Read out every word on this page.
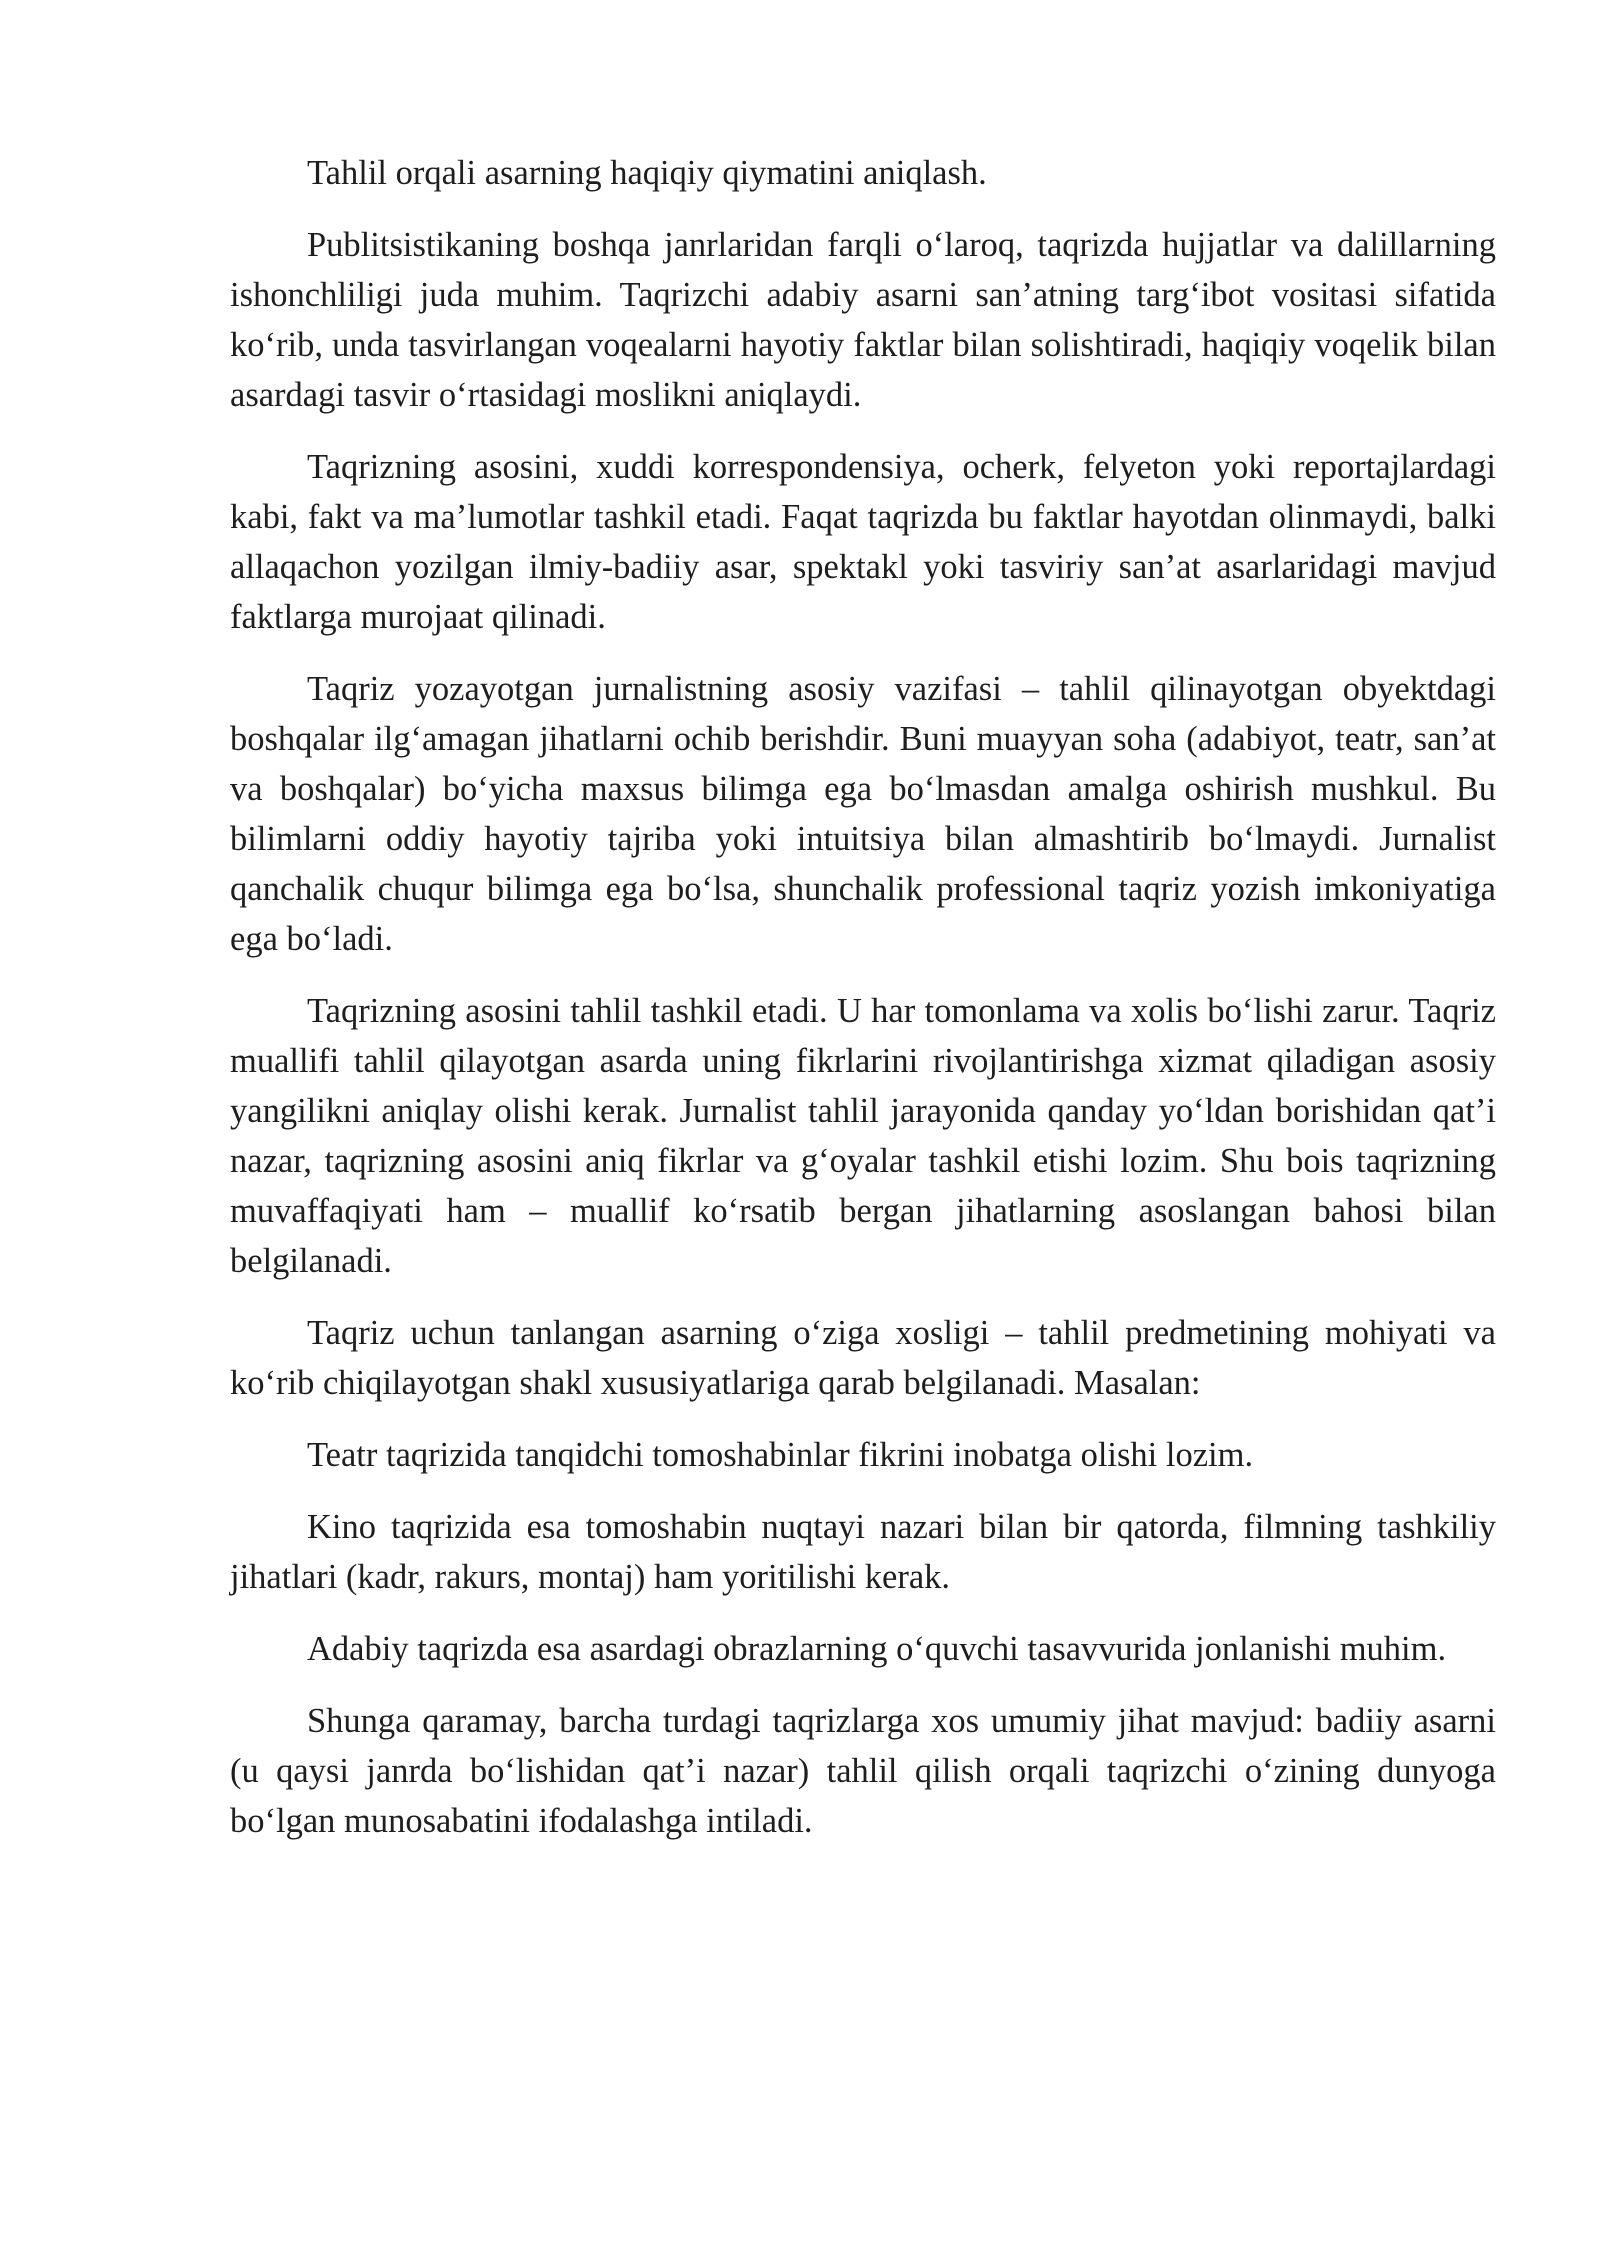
Tahlil orqali asarning haqiqiy qiymatini aniqlash.

Publitsistikaning boshqa janrlaridan farqli o‘laroq, taqrizda hujjatlar va dalillarning ishonchliligi juda muhim. Taqrizchi adabiy asarni san’atning targ‘ibot vositasi sifatida ko‘rib, unda tasvirlangan voqealarni hayotiy faktlar bilan solishtiradi, haqiqiy voqelik bilan asardagi tasvir o‘rtasidagi moslikni aniqlaydi.

Taqrizning asosini, xuddi korrespondensiya, ocherk, felyeton yoki reportajlardagi kabi, fakt va ma’lumotlar tashkil etadi. Faqat taqrizda bu faktlar hayotdan olinmaydi, balki allaqachon yozilgan ilmiy-badiiy asar, spektakl yoki tasviriy san’at asarlaridagi mavjud faktlarga murojaat qilinadi.

Taqriz yozayotgan jurnalistning asosiy vazifasi – tahlil qilinayotgan obyektdagi boshqalar ilg‘amagan jihatlarni ochib berishdir. Buni muayyan soha (adabiyot, teatr, san’at va boshqalar) bo‘yicha maxsus bilimga ega bo‘lmasdan amalga oshirish mushkul. Bu bilimlarni oddiy hayotiy tajriba yoki intuitsiya bilan almashtirib bo‘lmaydi. Jurnalist qanchalik chuqur bilimga ega bo‘lsa, shunchalik professional taqriz yozish imkoniyatiga ega bo‘ladi.

Taqrizning asosini tahlil tashkil etadi. U har tomonlama va xolis bo‘lishi zarur. Taqriz muallifi tahlil qilayotgan asarda uning fikrlarini rivojlantirishga xizmat qiladigan asosiy yangilikni aniqlay olishi kerak. Jurnalist tahlil jarayonida qanday yo‘ldan borishidan qat’i nazar, taqrizning asosini aniq fikrlar va g‘oyalar tashkil etishi lozim. Shu bois taqrizning muvaffaqiyati ham – muallif ko‘rsatib bergan jihatlarning asoslangan bahosi bilan belgilanadi.

Taqriz uchun tanlangan asarning o‘ziga xosligi – tahlil predmetining mohiyati va ko‘rib chiqilayotgan shakl xususiyatlariga qarab belgilanadi. Masalan:

Teatr taqrizida tanqidchi tomoshabinlar fikrini inobatga olishi lozim.

Kino taqrizida esa tomoshabin nuqtayi nazari bilan bir qatorda, filmning tashkiliy jihatlari (kadr, rakurs, montaj) ham yoritilishi kerak.

Adabiy taqrizda esa asardagi obrazlarning o‘quvchi tasavvurida jonlanishi muhim.

Shunga qaramay, barcha turdagi taqrizlarga xos umumiy jihat mavjud: badiiy asarni (u qaysi janrda bo‘lishidan qat’i nazar) tahlil qilish orqali taqrizchi o‘zining dunyoga bo‘lgan munosabatini ifodalashga intiladi.
